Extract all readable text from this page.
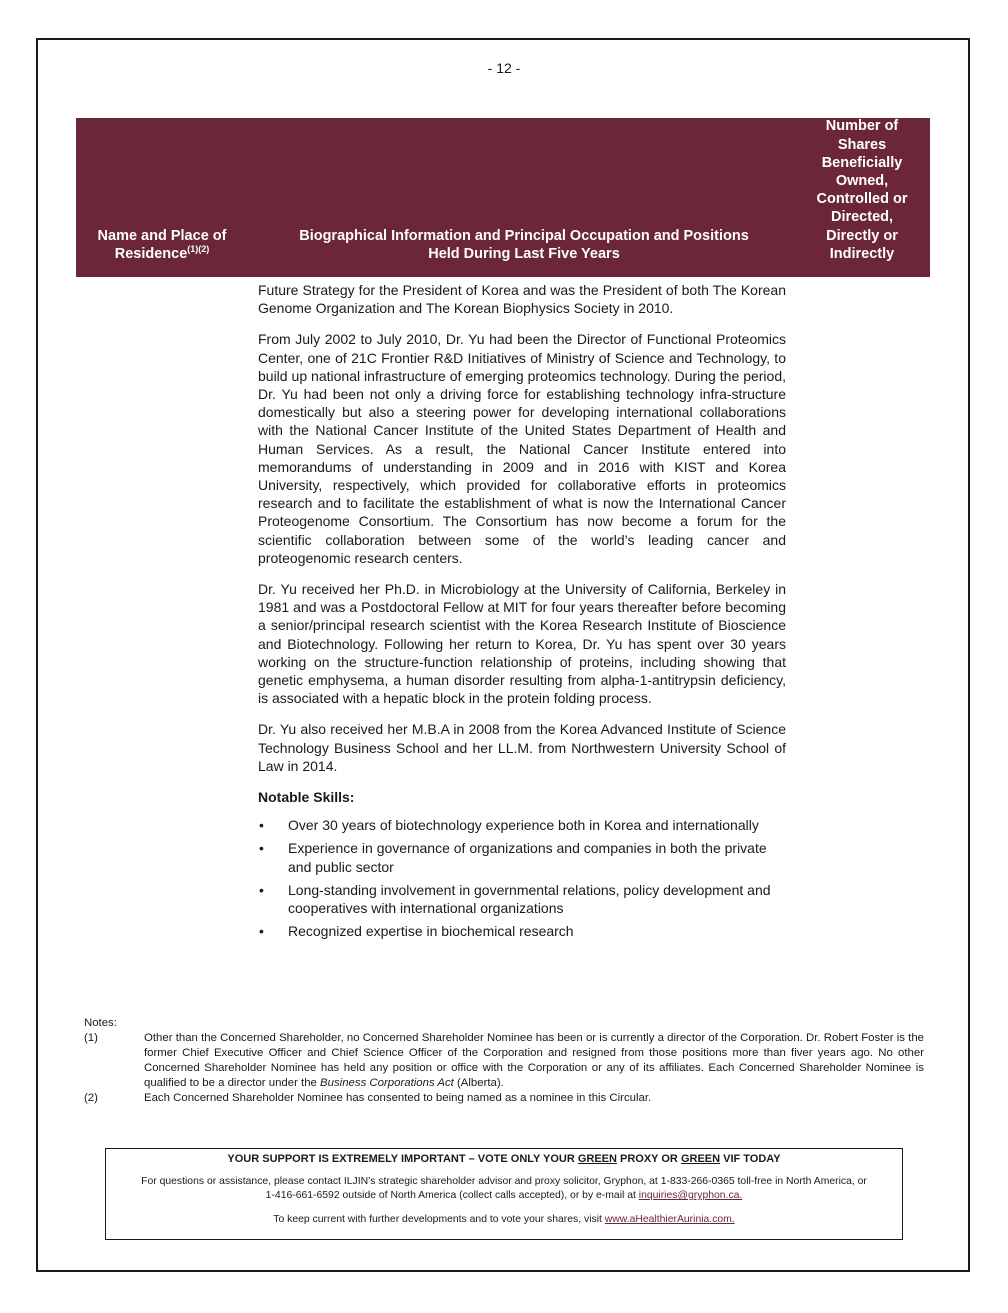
- 12 -
Name and Place of
Residence$^{(1)(2)}$
Biographical Information and Principal Occupation and Positions
Held During Last Five Years
Number of
Shares
Beneficially
Owned,
Controlled or
Directed,
Directly or
Indirectly

Future Strategy for the President of Korea and was the President of both The Korean Genome Organization and The Korean Biophysics Society in 2010.

From July 2002 to July 2010, Dr. Yu had been the Director of Functional Proteomics Center, one of 21C Frontier R&D Initiatives of Ministry of Science and Technology, to build up national infrastructure of emerging proteomics technology. During the period, Dr. Yu had been not only a driving force for establishing technology infra-structure domestically but also a steering power for developing international collaborations with the National Cancer Institute of the United States Department of Health and Human Services. As a result, the National Cancer Institute entered into memorandums of understanding in 2009 and in 2016 with KIST and Korea University, respectively, which provided for collaborative efforts in proteomics research and to facilitate the establishment of what is now the International Cancer Proteogenome Consortium. The Consortium has now become a forum for the scientific collaboration between some of the world’s leading cancer and proteogenomic research centers.

Dr. Yu received her Ph.D. in Microbiology at the University of California, Berkeley in 1981 and was a Postdoctoral Fellow at MIT for four years thereafter before becoming a senior/principal research scientist with the Korea Research Institute of Bioscience and Biotechnology. Following her return to Korea, Dr. Yu has spent over 30 years working on the structure-function relationship of proteins, including showing that genetic emphysema, a human disorder resulting from alpha-1-antitrypsin deficiency, is associated with a hepatic block in the protein folding process.

Dr. Yu also received her M.B.A in 2008 from the Korea Advanced Institute of Science Technology Business School and her LL.M. from Northwestern University School of Law in 2014.

Notable Skills:
• Over 30 years of biotechnology experience both in Korea and internationally
• Experience in governance of organizations and companies in both the private and public sector
• Long-standing involvement in governmental relations, policy development and cooperatives with international organizations
• Recognized expertise in biochemical research

Notes:

(1)	Other than the Concerned Shareholder, no Concerned Shareholder Nominee has been or is currently a director of the Corporation. Dr. Robert Foster is the former Chief Executive Officer and Chief Science Officer of the Corporation and resigned from those positions more than fiver years ago. No other Concerned Shareholder Nominee has held any position or office with the Corporation or any of its affiliates. Each Concerned Shareholder Nominee is qualified to be a director under the Business Corporations Act (Alberta).
(2)	Each Concerned Shareholder Nominee has consented to being named as a nominee in this Circular.
YOUR SUPPORT IS EXTREMELY IMPORTANT – VOTE ONLY YOUR GREEN PROXY OR GREEN VIF TODAY
For questions or assistance, please contact ILJIN’s strategic shareholder advisor and proxy solicitor, Gryphon, at 1-833-266-0365 toll-free in North America, or 1-416-661-6592 outside of North America (collect calls accepted), or by e-mail at inquiries@gryphon.ca.
To keep current with further developments and to vote your shares, visit www.aHealthierAurinia.com.
